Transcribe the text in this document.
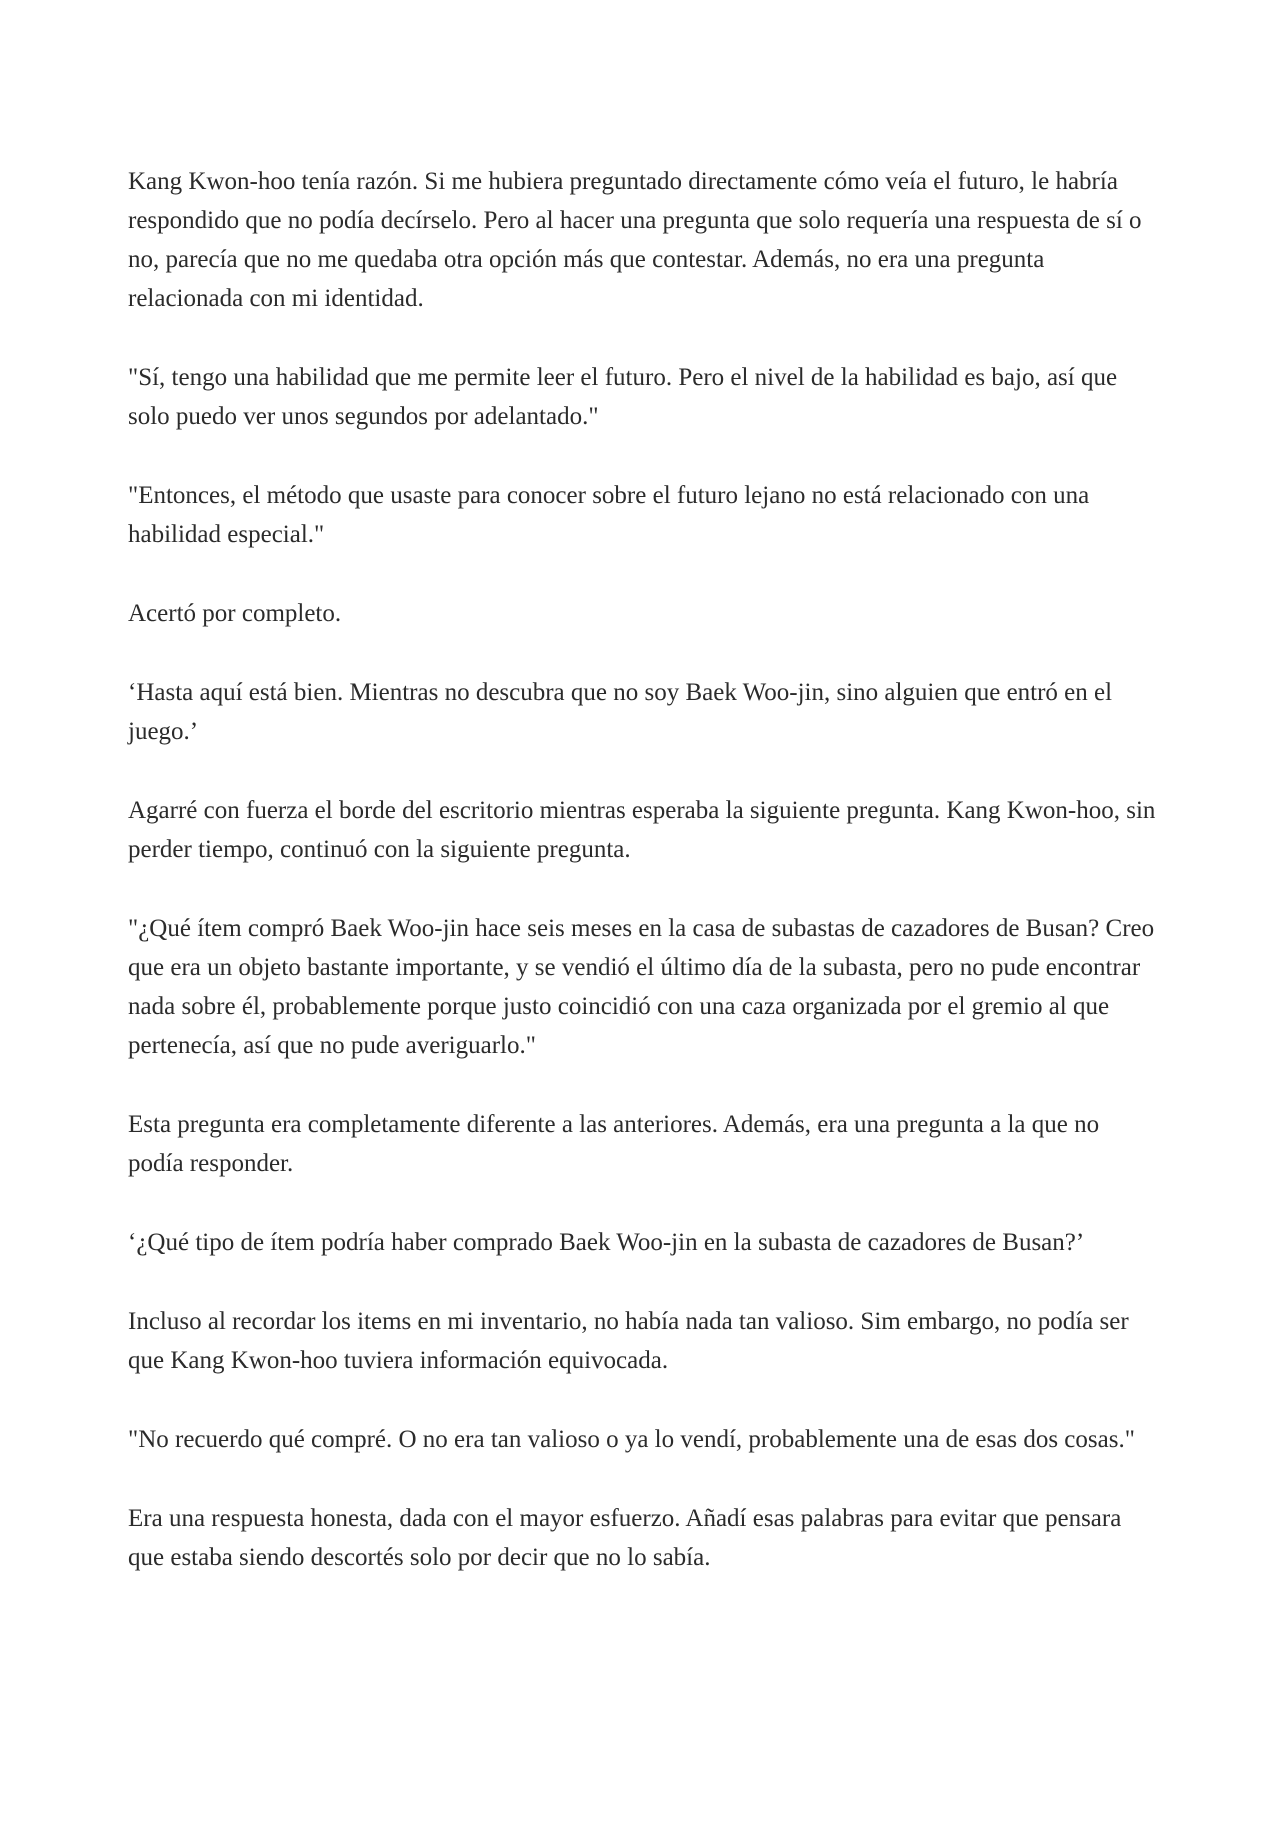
Kang Kwon-hoo tenía razón. Si me hubiera preguntado directamente cómo veía el futuro, le habría respondido que no podía decírselo. Pero al hacer una pregunta que solo requería una respuesta de sí o no, parecía que no me quedaba otra opción más que contestar. Además, no era una pregunta relacionada con mi identidad.

"Sí, tengo una habilidad que me permite leer el futuro. Pero el nivel de la habilidad es bajo, así que solo puedo ver unos segundos por adelantado."

"Entonces, el método que usaste para conocer sobre el futuro lejano no está relacionado con una habilidad especial."

Acertó por completo.

‘Hasta aquí está bien. Mientras no descubra que no soy Baek Woo-jin, sino alguien que entró en el juego.’

Agarré con fuerza el borde del escritorio mientras esperaba la siguiente pregunta. Kang Kwon-hoo, sin perder tiempo, continuó con la siguiente pregunta.

"¿Qué ítem compró Baek Woo-jin hace seis meses en la casa de subastas de cazadores de Busan? Creo que era un objeto bastante importante, y se vendió el último día de la subasta, pero no pude encontrar nada sobre él, probablemente porque justo coincidió con una caza organizada por el gremio al que pertenecía, así que no pude averiguarlo."

Esta pregunta era completamente diferente a las anteriores. Además, era una pregunta a la que no podía responder.

‘¿Qué tipo de ítem podría haber comprado Baek Woo-jin en la subasta de cazadores de Busan?’

Incluso al recordar los items en mi inventario, no había nada tan valioso. Sim embargo, no podía ser que Kang Kwon-hoo tuviera información equivocada.

"No recuerdo qué compré. O no era tan valioso o ya lo vendí, probablemente una de esas dos cosas."

Era una respuesta honesta, dada con el mayor esfuerzo. Añadí esas palabras para evitar que pensara que estaba siendo descortés solo por decir que no lo sabía.
